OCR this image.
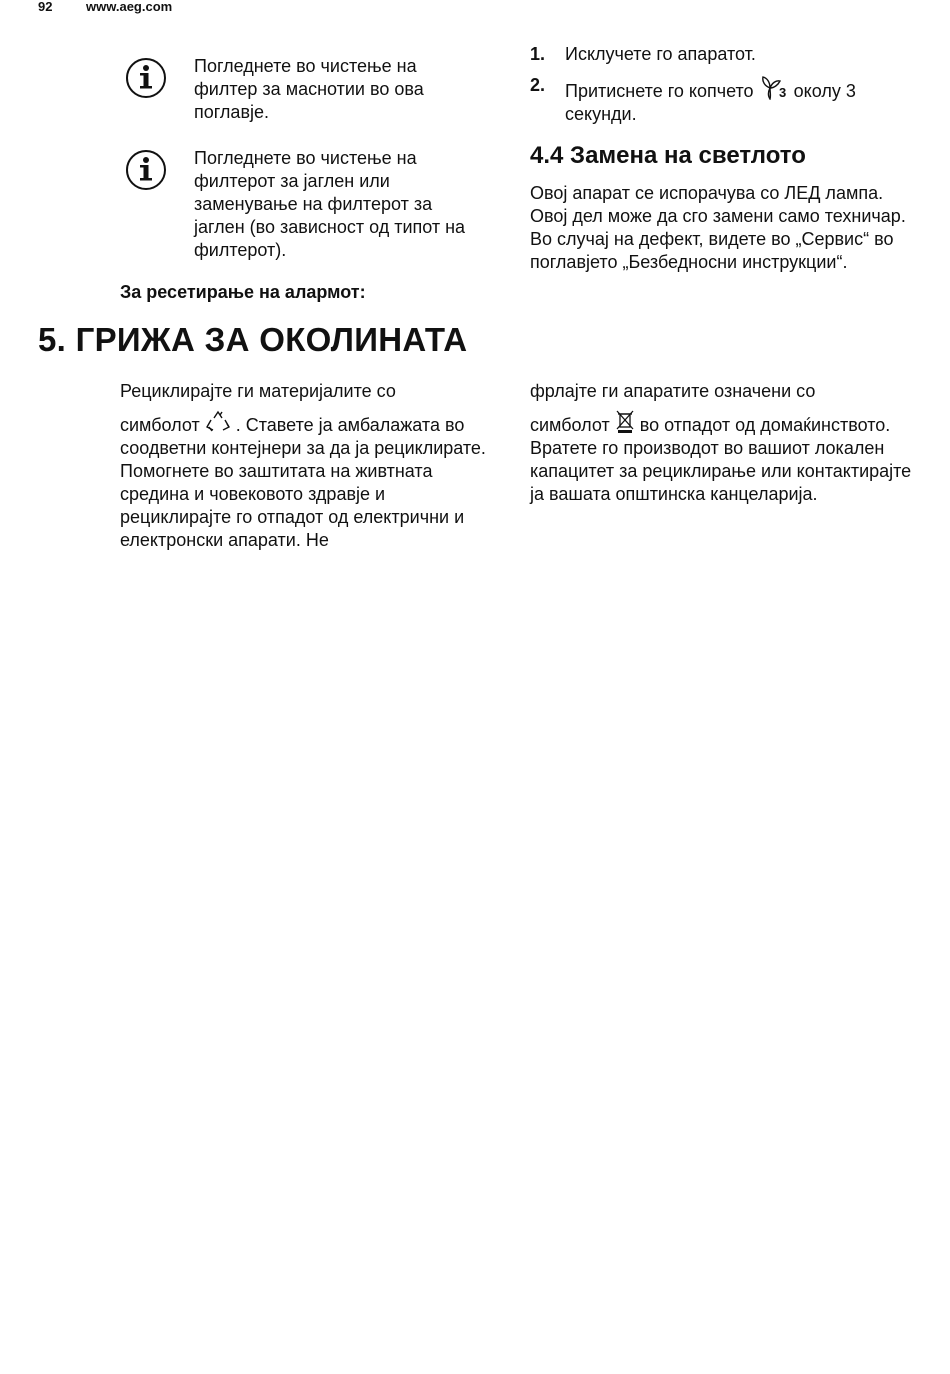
92	www.aeg.com
Погледнете во чистење на филтер за маснотии во ова поглавје.
Погледнете во чистење на филтерот за јаглен или заменување на филтерот за јаглен (во зависност од типот на филтерот).
За ресетирање на алармот:
1. Исклучете го апаратот.
2. Притиснете го копчето 3 околу 3 секунди.
4.4 Замена на светлото
Овој апарат се испорачува со ЛЕД лампа. Овој дел може да сго замени само техничар. Во случај на дефект, видете во „Сервис“ во поглавјето „Безбедносни инструкции“.
5. ГРИЖА ЗА ОКОЛИНАТА
Рециклирајте ги материјалите со
симболот . Ставете ја амбалажата во соодветни контејнери за да ја рециклирате. Помогнете во заштитата на живтната средина и човековото здравје и рециклирајте го отпадот од електрични и електронски апарати. Не
фрлајте ги апаратите означени со
симболот во отпадот од домаќинството. Вратете го производот во вашиот локален капацитет за рециклирање или контактирајте ја вашата општинска канцеларија.
